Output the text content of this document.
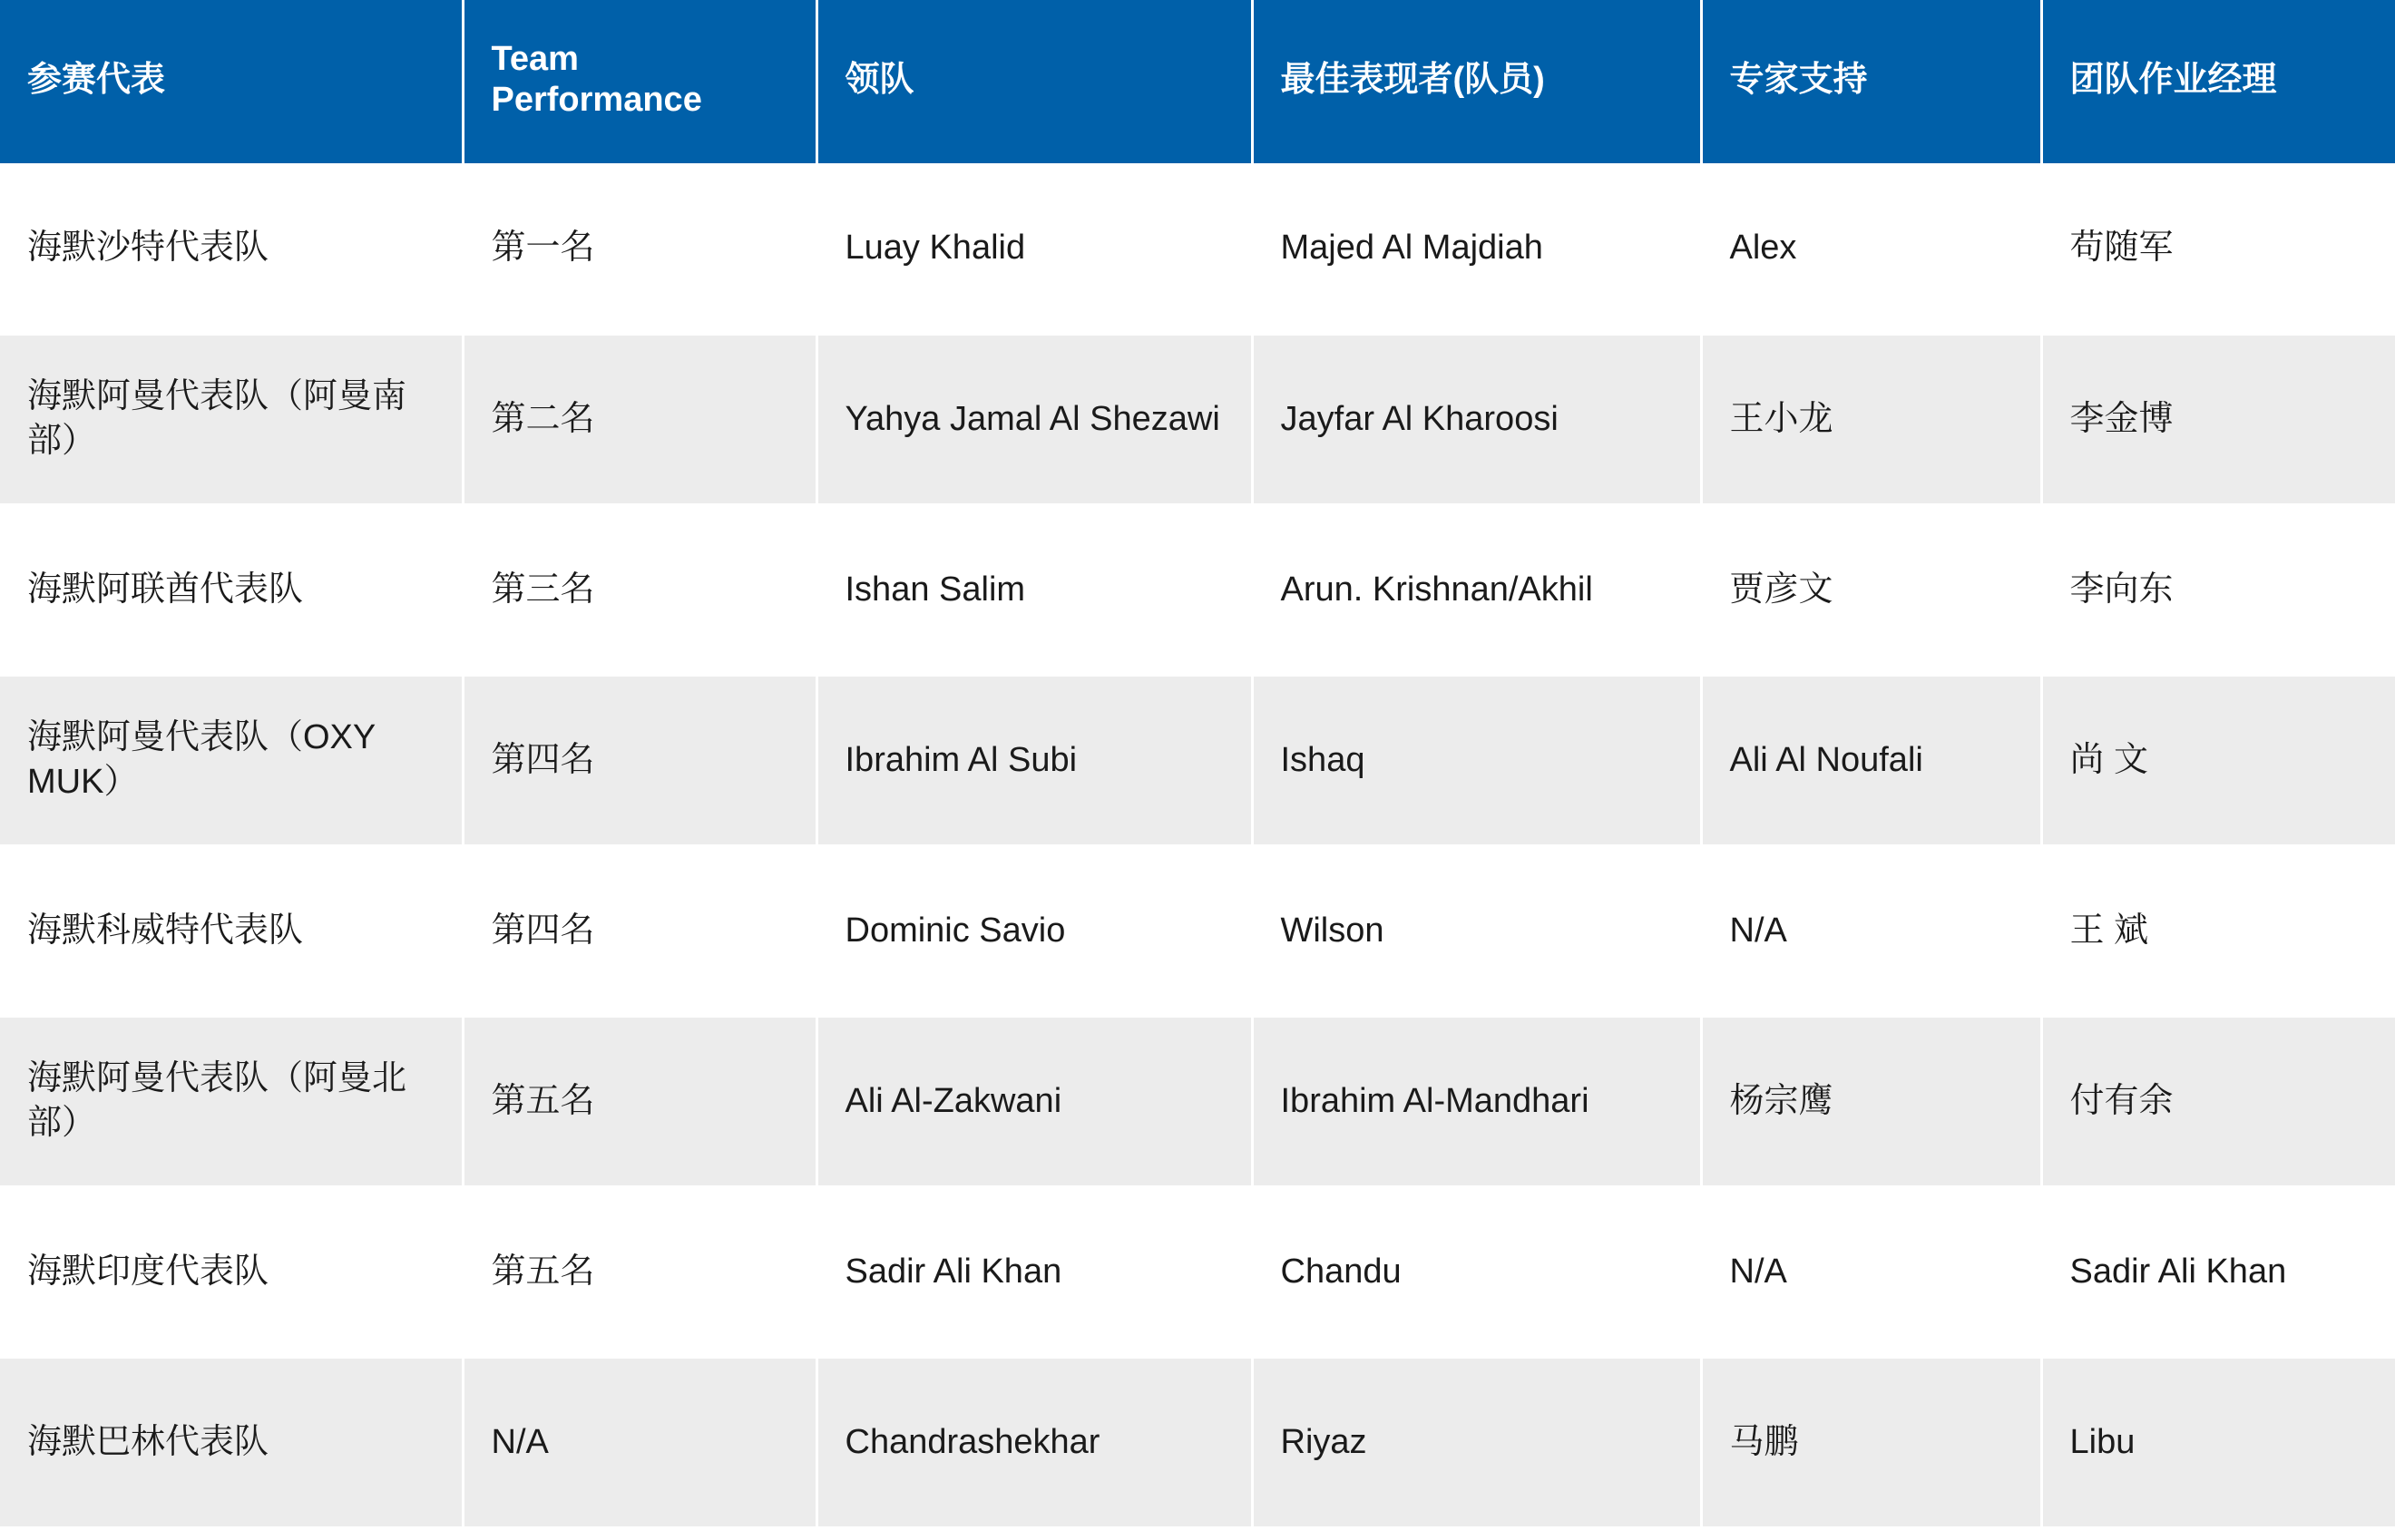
参赛代表	Team Performance	领队	最佳表现者(队员)	专家支持	团队作业经理
海默沙特代表队	第一名	Luay Khalid	Majed Al Majdiah	Alex	苟随军
海默阿曼代表队（阿曼南部）	第二名	Yahya Jamal Al Shezawi	Jayfar Al Kharoosi	王小龙	李金博
海默阿联酋代表队	第三名	Ishan Salim	Arun. Krishnan/Akhil	贾彦文	李向东
海默阿曼代表队（OXY MUK）	第四名	Ibrahim Al Subi	Ishaq	Ali Al Noufali	尚 文
海默科威特代表队	第四名	Dominic Savio	Wilson	N/A	王 斌
海默阿曼代表队（阿曼北部）	第五名	Ali Al-Zakwani	Ibrahim Al-Mandhari	杨宗鹰	付有余
海默印度代表队	第五名	Sadir Ali Khan	Chandu	N/A	Sadir Ali Khan
海默巴林代表队	N/A	Chandrashekhar	Riyaz	马鹏	Libu
